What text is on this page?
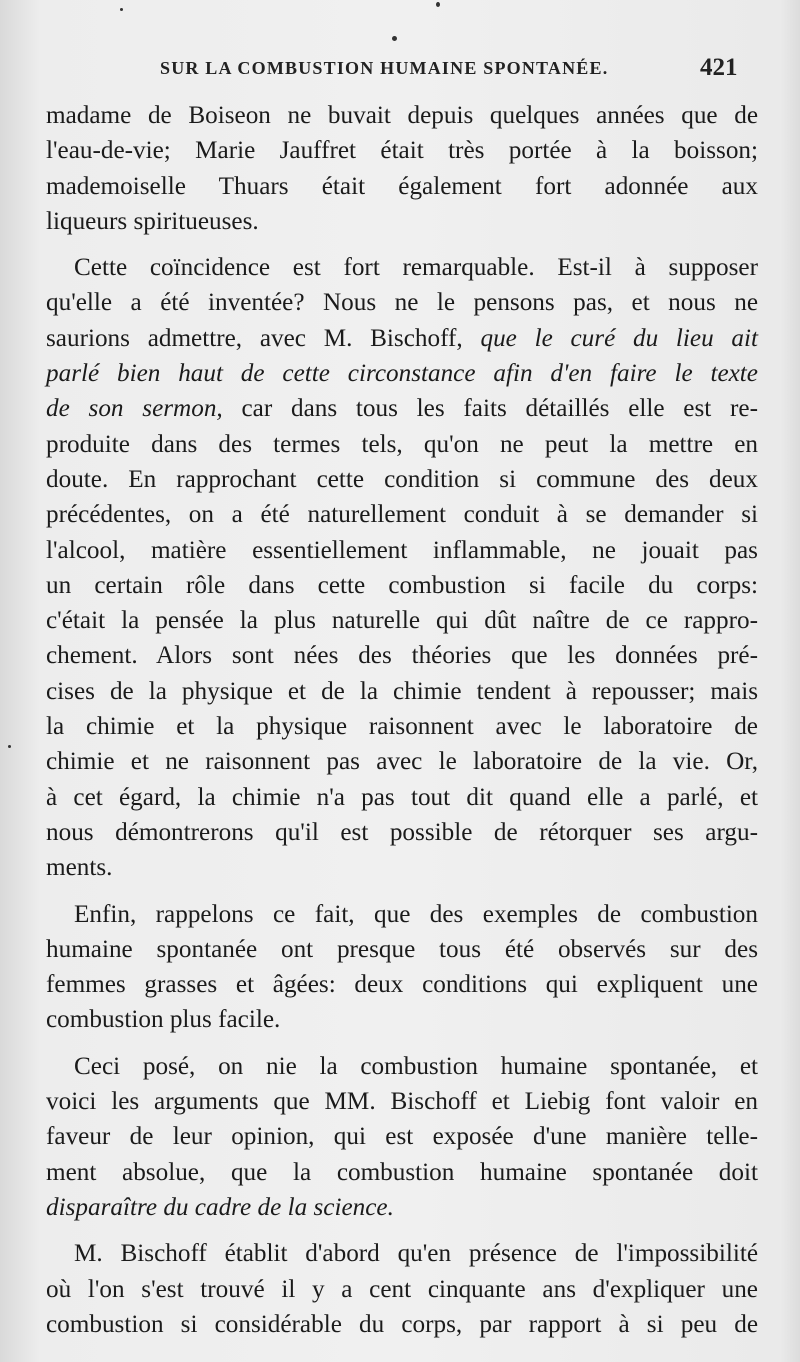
SUR LA COMBUSTION HUMAINE SPONTANÉE.	421
madame de Boiseon ne buvait depuis quelques années que de
l'eau-de-vie; Marie Jauffret était très portée à la boisson;
mademoiselle Thuars était également fort adonnée aux
liqueurs spiritueuses.
Cette coïncidence est fort remarquable. Est-il à supposer
qu'elle a été inventée? Nous ne le pensons pas, et nous ne
saurions admettre, avec M. Bischoff, que le curé du lieu ait
parlé bien haut de cette circonstance afin d'en faire le texte
de son sermon, car dans tous les faits détaillés elle est re-
produite dans des termes tels, qu'on ne peut la mettre en
doute. En rapprochant cette condition si commune des deux
précédentes, on a été naturellement conduit à se demander si
l'alcool, matière essentiellement inflammable, ne jouait pas
un certain rôle dans cette combustion si facile du corps:
c'était la pensée la plus naturelle qui dût naître de ce rappro-
chement. Alors sont nées des théories que les données pré-
cises de la physique et de la chimie tendent à repousser; mais
la chimie et la physique raisonnent avec le laboratoire de
chimie et ne raisonnent pas avec le laboratoire de la vie. Or,
à cet égard, la chimie n'a pas tout dit quand elle a parlé, et
nous démontrerons qu'il est possible de rétorquer ses argu-
ments.
Enfin, rappelons ce fait, que des exemples de combustion
humaine spontanée ont presque tous été observés sur des
femmes grasses et âgées: deux conditions qui expliquent une
combustion plus facile.
Ceci posé, on nie la combustion humaine spontanée, et
voici les arguments que MM. Bischoff et Liebig font valoir en
faveur de leur opinion, qui est exposée d'une manière telle-
ment absolue, que la combustion humaine spontanée doit
disparaître du cadre de la science.
M. Bischoff établit d'abord qu'en présence de l'impossibilité
où l'on s'est trouvé il y a cent cinquante ans d'expliquer une
combustion si considérable du corps, par rapport à si peu de
